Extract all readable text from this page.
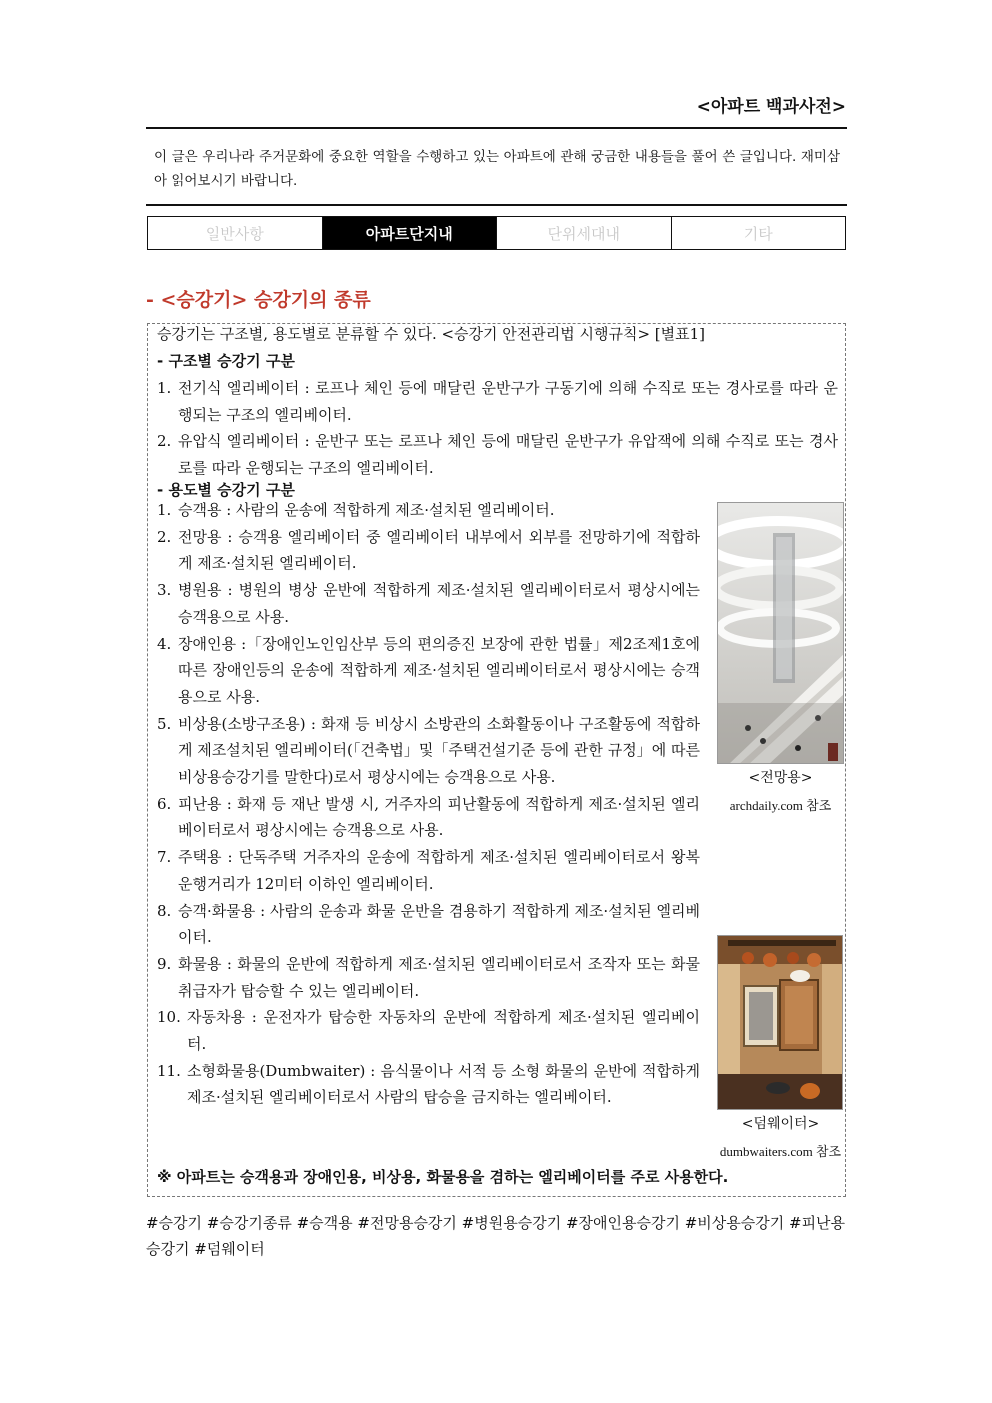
<아파트 백과사전>
이 글은 우리나라 주거문화에 중요한 역할을 수행하고 있는 아파트에 관해 궁금한 내용들을 풀어 쓴 글입니다. 재미삼아 읽어보시기 바랍니다.
일반사항	아파트단지내	단위세대내	기타
- <승강기> 승강기의 종류
승강기는 구조별, 용도별로 분류할 수 있다. <승강기 안전관리법 시행규칙> [별표1]
- 구조별 승강기 구분
1. 전기식 엘리베이터 : 로프나 체인 등에 매달린 운반구가 구동기에 의해 수직로 또는 경사로를 따라 운행되는 구조의 엘리베이터.
2. 유압식 엘리베이터 : 운반구 또는 로프나 체인 등에 매달린 운반구가 유압잭에 의해 수직로 또는 경사로를 따라 운행되는 구조의 엘리베이터.
- 용도별 승강기 구분
1. 승객용 : 사람의 운송에 적합하게 제조·설치된 엘리베이터.
2. 전망용 : 승객용 엘리베이터 중 엘리베이터 내부에서 외부를 전망하기에 적합하게 제조·설치된 엘리베이터.
3. 병원용 : 병원의 병상 운반에 적합하게 제조·설치된 엘리베이터로서 평상시에는 승객용으로 사용.
4. 장애인용 :「장애인노인임산부 등의 편의증진 보장에 관한 법률」제2조제1호에 따른 장애인등의 운송에 적합하게 제조·설치된 엘리베이터로서 평상시에는 승객용으로 사용.
5. 비상용(소방구조용) : 화재 등 비상시 소방관의 소화활동이나 구조활동에 적합하게 제조설치된 엘리베이터(「건축법」및「주택건설기준 등에 관한 규정」에 따른 비상용승강기를 말한다)로서 평상시에는 승객용으로 사용.
6. 피난용 : 화재 등 재난 발생 시, 거주자의 피난활동에 적합하게 제조·설치된 엘리베이터로서 평상시에는 승객용으로 사용.
7. 주택용 : 단독주택 거주자의 운송에 적합하게 제조·설치된 엘리베이터로서 왕복 운행거리가 12미터 이하인 엘리베이터.
8. 승객·화물용 : 사람의 운송과 화물 운반을 겸용하기 적합하게 제조·설치된 엘리베이터.
9. 화물용 : 화물의 운반에 적합하게 제조·설치된 엘리베이터로서 조작자 또는 화물취급자가 탑승할 수 있는 엘리베이터.
10. 자동차용 : 운전자가 탑승한 자동차의 운반에 적합하게 제조·설치된 엘리베이터.
11. 소형화물용(Dumbwaiter) : 음식물이나 서적 등 소형 화물의 운반에 적합하게 제조·설치된 엘리베이터로서 사람의 탑승을 금지하는 엘리베이터.
<전망용>
archdaily.com 참조
<덤웨이터>
dumbwaiters.com 참조
※ 아파트는 승객용과 장애인용, 비상용, 화물용을 겸하는 엘리베이터를 주로 사용한다.
#승강기 #승강기종류 #승객용 #전망용승강기 #병원용승강기 #장애인용승강기 #비상용승강기 #피난용승강기 #덤웨이터
